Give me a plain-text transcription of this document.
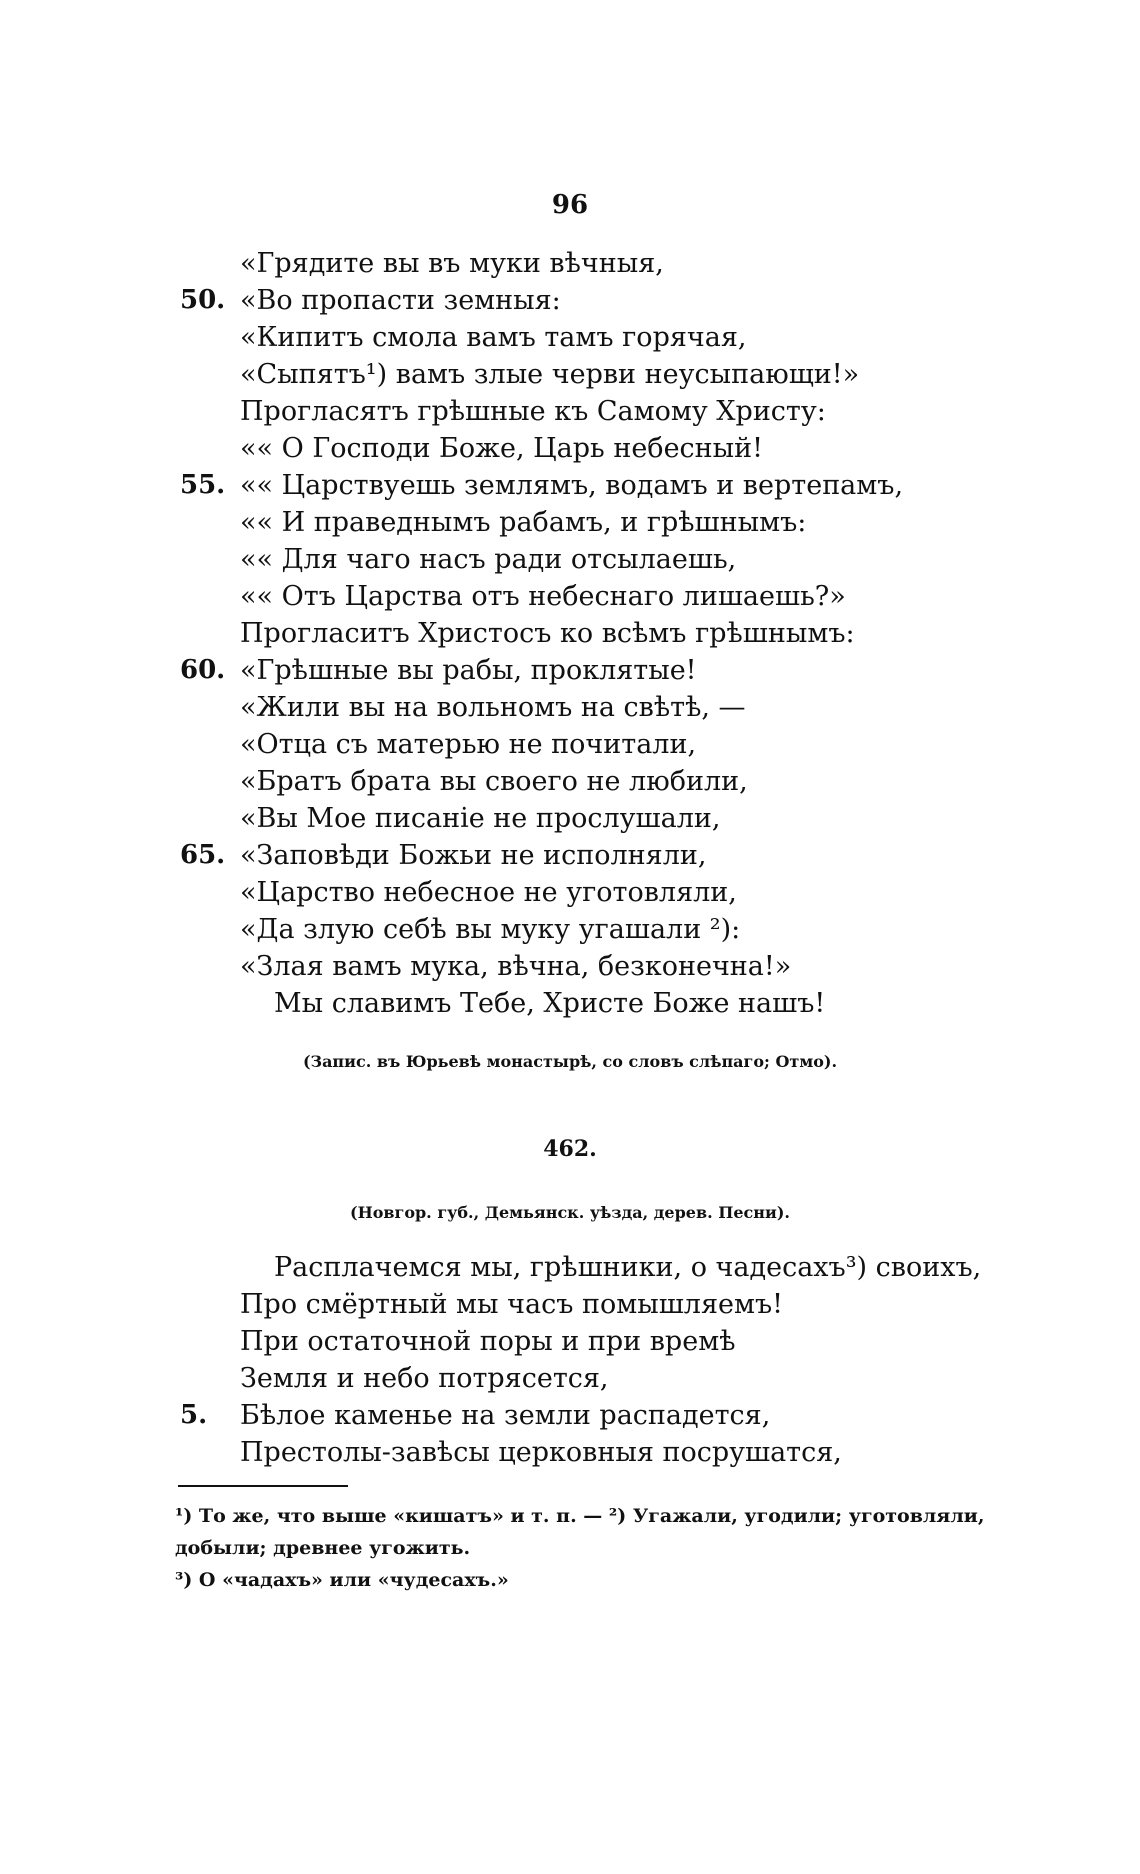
96
«Грядите вы въ муки вѣчныя,
50. «Во пропасти земныя:
«Кипитъ смола вамъ тамъ горячая,
«Сыпятъ¹) вамъ злые черви неусыпающи!»
Проглаcятъ грѣшные къ Самому Христу:
«« О Господи Боже, Царь небесный!
55. «« Царствуешь землямъ, водамъ и вертепамъ,
«« И праведнымъ рабамъ, и грѣшнымъ:
«« Для чаго насъ ради отсылаешь,
«« Отъ Царства отъ небеснаго лишаешь?»
Проглаcитъ Христосъ ко всѣмъ грѣшнымъ:
60. «Грѣшные вы рабы, проклятые!
«Жили вы на вольномъ на свѣтѣ, —
«Отца съ матерью не почитали,
«Братъ брата вы своего не любили,
«Вы Мое писаніе не прослушали,
65. «Заповѣди Божьи не исполняли,
«Царство небесное не уготовляли,
«Да злую себѣ вы муку угашали ²):
«Злая вамъ мука, вѣчна, безконечна!»
Мы славимъ Тебе, Христе Боже нашъ!
(Запис. въ Юрьевѣ монастырѣ, со словъ слѣпаго; Отмо).
462.
(Новгор. губ., Демьянск. уѣзда, дерев. Песни).
Расплачемся мы, грѣшники, о чадесахъ³) своихъ,
Про смёртный мы часъ помышляемъ!
При остаточной поры и при времѣ
Земля и небо потрясется,
5.	Бѣлое каменье на земли распадется,
Престолы-завѣсы церковныя посрушатся,

¹) То же, что выше «кишатъ» и т. п. — ²) Угажали, угодили; уготовляли, добыли; древнее угожить.

³) О «чадахъ» или «чудесахъ.»
